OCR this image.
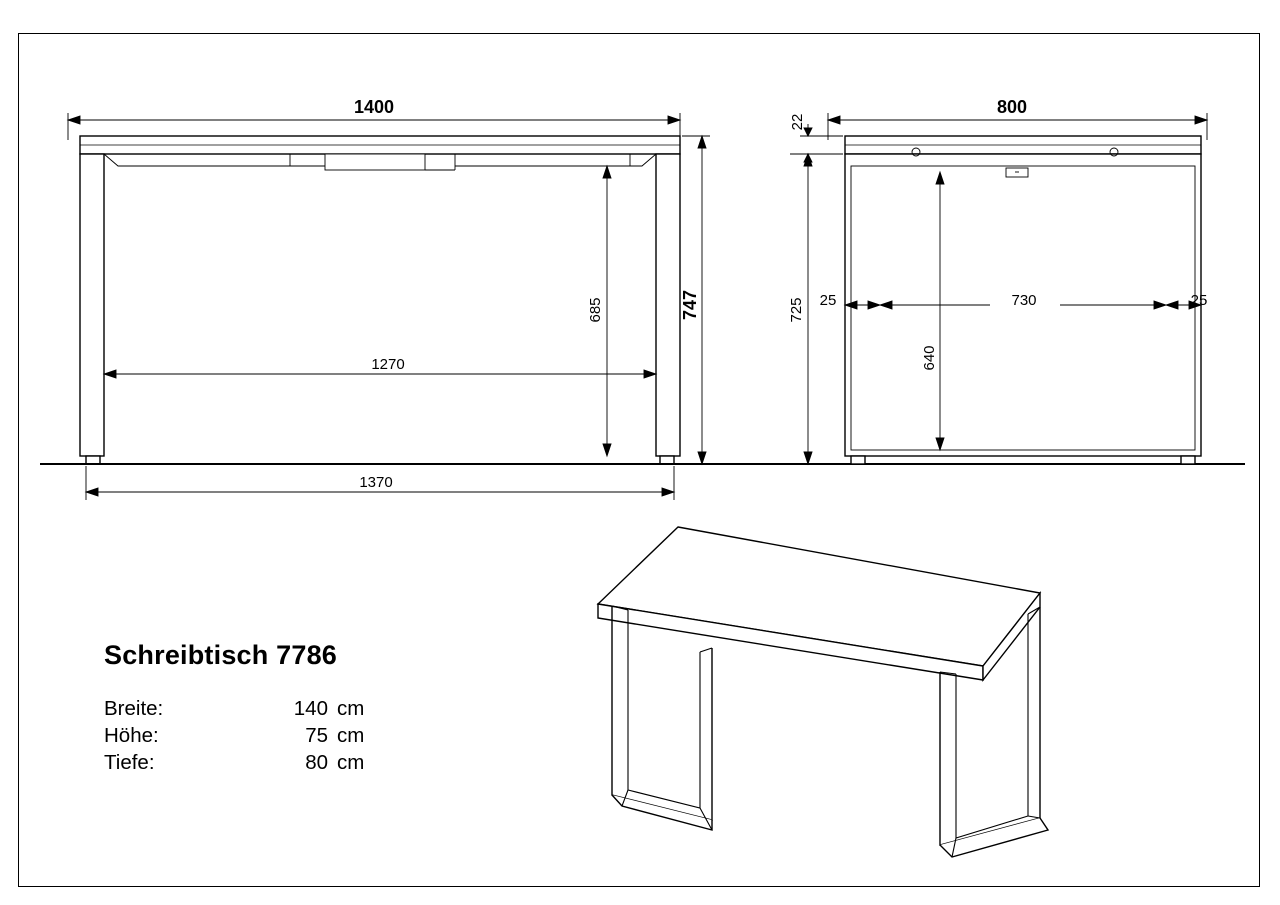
1400
1270
1370
685	747
800
22
725	730
25	25
640
Schreibtisch 7786
Breite:	140 cm
Höhe:	75 cm
Tiefe:	80 cm
